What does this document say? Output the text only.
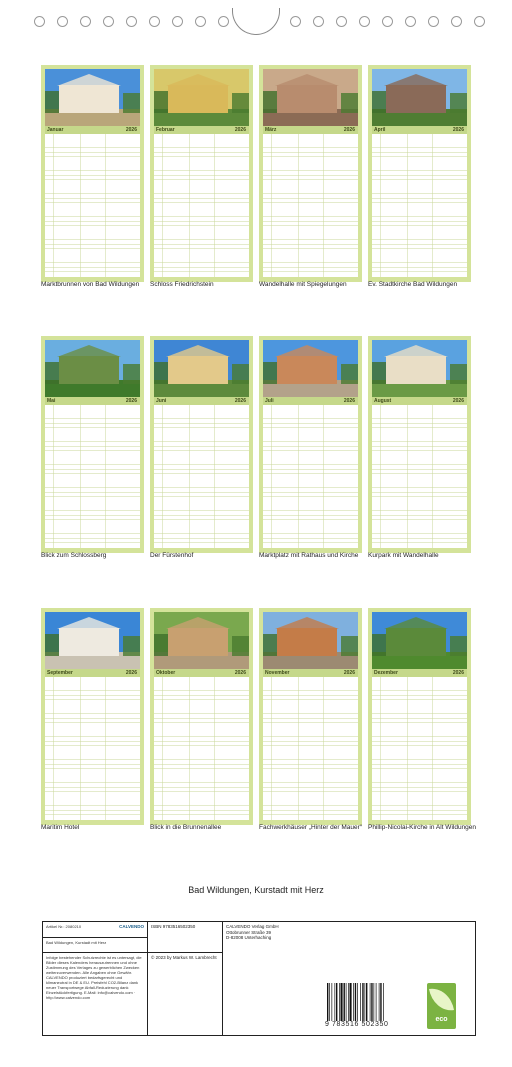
Januar	2026
Marktbrunnen von Bad Wildungen
Februar	2026
Schloss Friedrichstein
März	2026
Wandelhalle mit Spiegelungen
April	2026
Ev. Stadtkirche Bad Wildungen
Mai	2026
Blick zum Schlossberg
Juni	2026
Der Fürstenhof
Juli	2026
Marktplatz mit Rathaus und Kirche
August	2026
Kurpark mit Wandelhalle
September	2026
Maritim Hotel
Oktober	2026
Blick in die Brunnenallee
November	2026
Fachwerkhäuser „Hinter der Mauer“
Dezember	2026
Phillip-Nicolai-Kirche in Alt Wildungen
Bad Wildungen, Kurstadt mit Herz
Artikel Nr.: 2080210	CALVENDO
Bad Wildungen, Kurstadt mit Herz
Infolge bestehender Schutzrechte ist es untersagt, die Bilder dieses Kalenders herauszutrennen und ohne Zustimmung des Verlages zu gewerblichen Zwecken weiterzuverwenden. Alle Angaben ohne Gewähr. CALVENDO produziert bedarfsgerecht und klimaneutral in DE & EU. Preisfehl CO2-Bilanz dank neuer Transportwege Abfall-Reduzierung dank Einzelstückfertigung. E-Mail: info@calvendo.com · http://www.calvendo.com
ISBN 9783516502350
© 2023 by Markus W. Lambrecht
CALVENDO Verlag GmbH
Ottobrunner Straße 39
D-82008 Unterhaching
9 783516 502350
eco
